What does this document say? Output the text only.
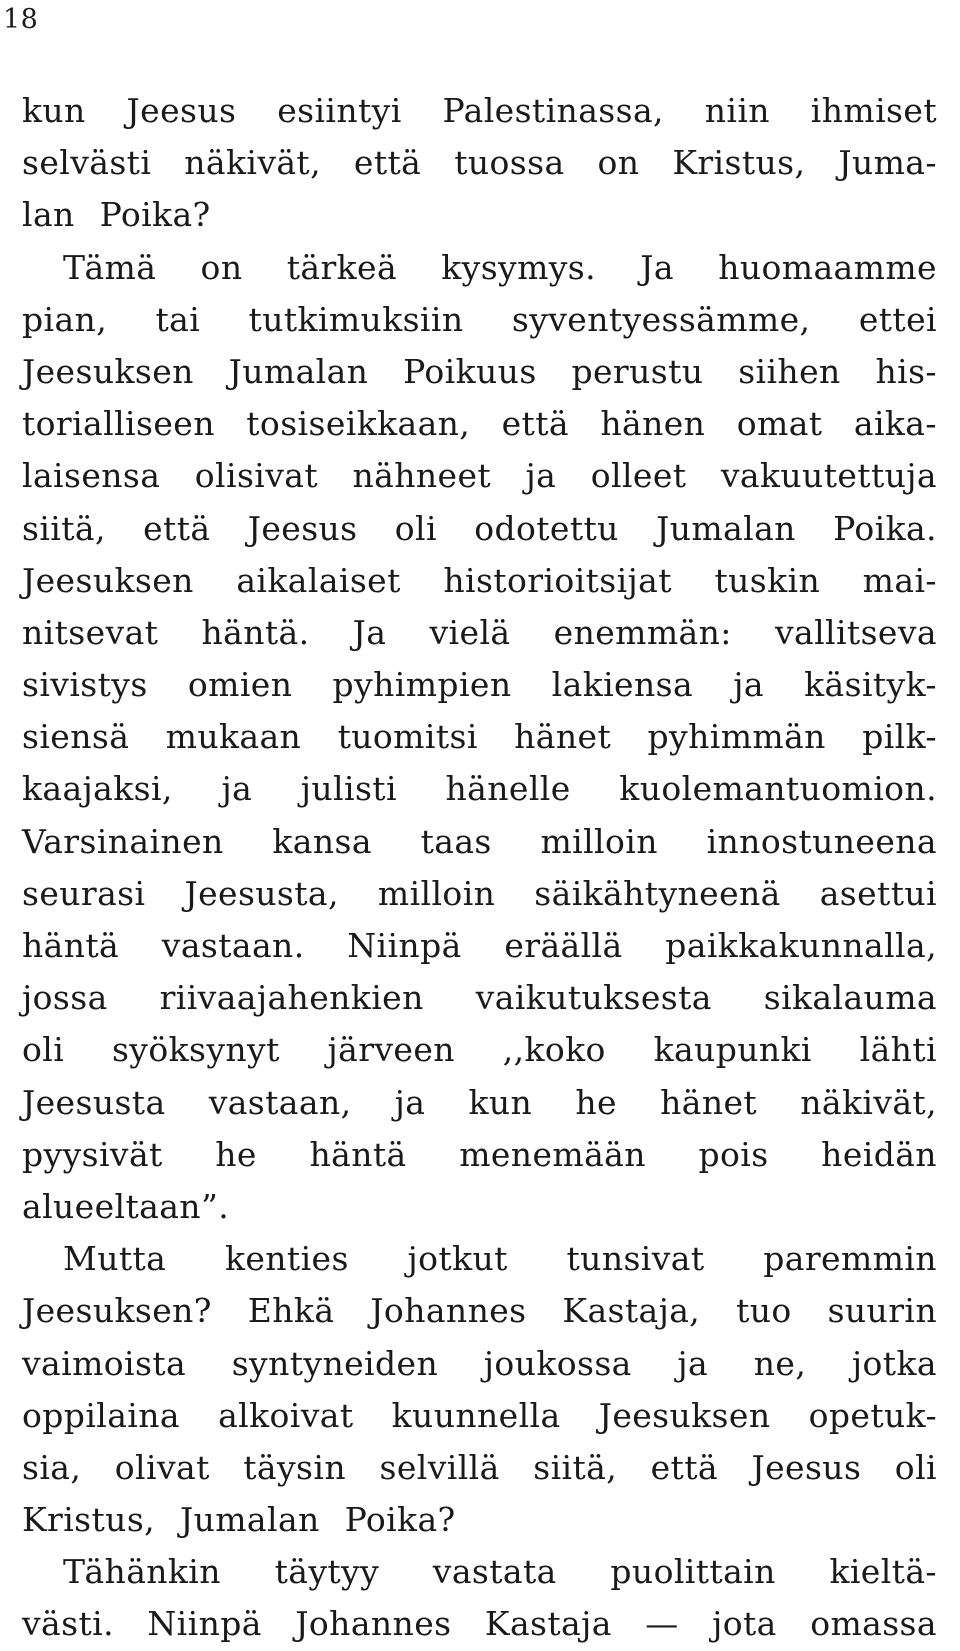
18
kun Jeesus esiintyi Palestinassa, niin ihmiset
selvästi näkivät, että tuossa on Kristus, Juma-
lan Poika?
Tämä on tärkeä kysymys. Ja huomaamme
pian, tai tutkimuksiin syventyessämme, ettei
Jeesuksen Jumalan Poikuus perustu siihen his-
torialliseen tosiseikkaan, että hänen omat aika-
laisensa olisivat nähneet ja olleet vakuutettuja
siitä, että Jeesus oli odotettu Jumalan Poika.
Jeesuksen aikalaiset historioitsijat tuskin mai-
nitsevat häntä. Ja vielä enemmän: vallitseva
sivistys omien pyhimpien lakiensa ja käsityk-
siensä mukaan tuomitsi hänet pyhimmän pilk-
kaajaksi, ja julisti hänelle kuolemantuomion.
Varsinainen kansa taas milloin innostuneena
seurasi Jeesusta, milloin säikähtyneenä asettui
häntä vastaan. Niinpä eräällä paikkakunnalla,
jossa riivaajahenkien vaikutuksesta sikalauma
oli syöksynyt järveen ,,koko kaupunki lähti
Jeesusta vastaan, ja kun he hänet näkivät,
pyysivät he häntä menemään pois heidän
alueeltaan”.
Mutta kenties jotkut tunsivat paremmin
Jeesuksen? Ehkä Johannes Kastaja, tuo suurin
vaimoista syntyneiden joukossa ja ne, jotka
oppilaina alkoivat kuunnella Jeesuksen opetuk-
sia, olivat täysin selvillä siitä, että Jeesus oli
Kristus, Jumalan Poika?
Tähänkin täytyy vastata puolittain kieltä-
västi. Niinpä Johannes Kastaja — jota omassa
